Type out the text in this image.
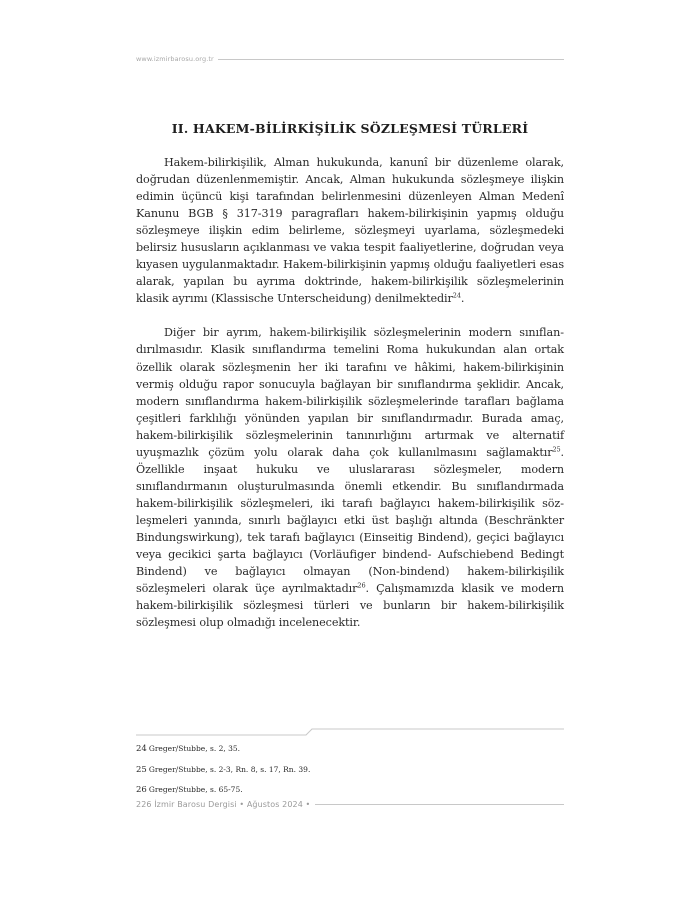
www.izmirbarosu.org.tr
II. HAKEM-BİLİRKİŞİLİK SÖZLEŞMESİ TÜRLERİ

Hakem-bilirkişilik, Alman hukukunda, kanunî bir düzenleme olarak, doğrudan düzenlenmemiştir. Ancak, Alman hukukunda sözleşmeye ilişkin edimin üçüncü kişi tarafından belirlenmesini düzenleyen Alman Medenî Kanunu BGB § 317-319 paragrafları hakem-bilirkişinin yapmış olduğu sözleşmeye ilişkin edim belirleme, sözleşmeyi uyarlama, sözleşmedeki belirsiz hususların açıklanması ve vakıa tespit faaliyetlerine, doğrudan veya kıyasen uygulanmaktadır. Hakem-bilirkişinin yapmış olduğu faaliyetleri esas alarak, yapılan bu ayrıma doktrinde, hakem-bilirkişilik sözleşmelerinin klasik ayrımı (Klassische Unterscheidung) denilmektedir$^{24}$.

Diğer bir ayrım, hakem-bilirkişilik sözleşmelerinin modern sınıflandırılmasıdır. Klasik sınıflandırma temelini Roma hukukundan alan ortak özellik olarak sözleşmenin her iki tarafını ve hâkimi, hakem-bilirkişinin vermiş olduğu rapor sonucuyla bağlayan bir sınıflandırma şeklidir. Ancak, modern sınıflandırma hakem-bilirkişilik sözleşmelerinde tarafları bağlama çeşitleri farklılığı yönünden yapılan bir sınıflandırmadır. Burada amaç, hakem-bilirkişilik sözleşmelerinin tanınırlığını artırmak ve alternatif uyuşmazlık çözüm yolu olarak daha çok kullanılmasını sağlamaktır$^{25}$. Özellikle inşaat hukuku ve uluslararası sözleşmeler, modern sınıflandırmanın oluşturulmasında önemli etkendir. Bu sınıflandırmada hakem-bilirkişilik sözleşmeleri, iki tarafı bağlayıcı hakem-bilirkişilik sözleşmeleri yanında, sınırlı bağlayıcı etki üst başlığı altında (Beschränkter Bindungswirkung), tek tarafı bağlayıcı (Einseitig Bindend), geçici bağlayıcı veya gecikici şarta bağlayıcı (Vorläufiger bindend- Aufschiebend Bedingt Bindend) ve bağlayıcı olmayan (Non-bindend) hakem-bilirkişilik sözleşmeleri olarak üçe ayrılmaktadır$^{26}$. Çalışmamızda klasik ve modern hakem-bilirkişilik sözleşmesi türleri ve bunların bir hakem-bilirkişilik sözleşmesi olup olmadığı incelenecektir.

24 Greger/Stubbe, s. 2, 35.
25 Greger/Stubbe, s. 2-3, Rn. 8, s. 17, Rn. 39.
26 Greger/Stubbe, s. 65-75.
226 İzmir Barosu Dergisi • Ağustos 2024 •
